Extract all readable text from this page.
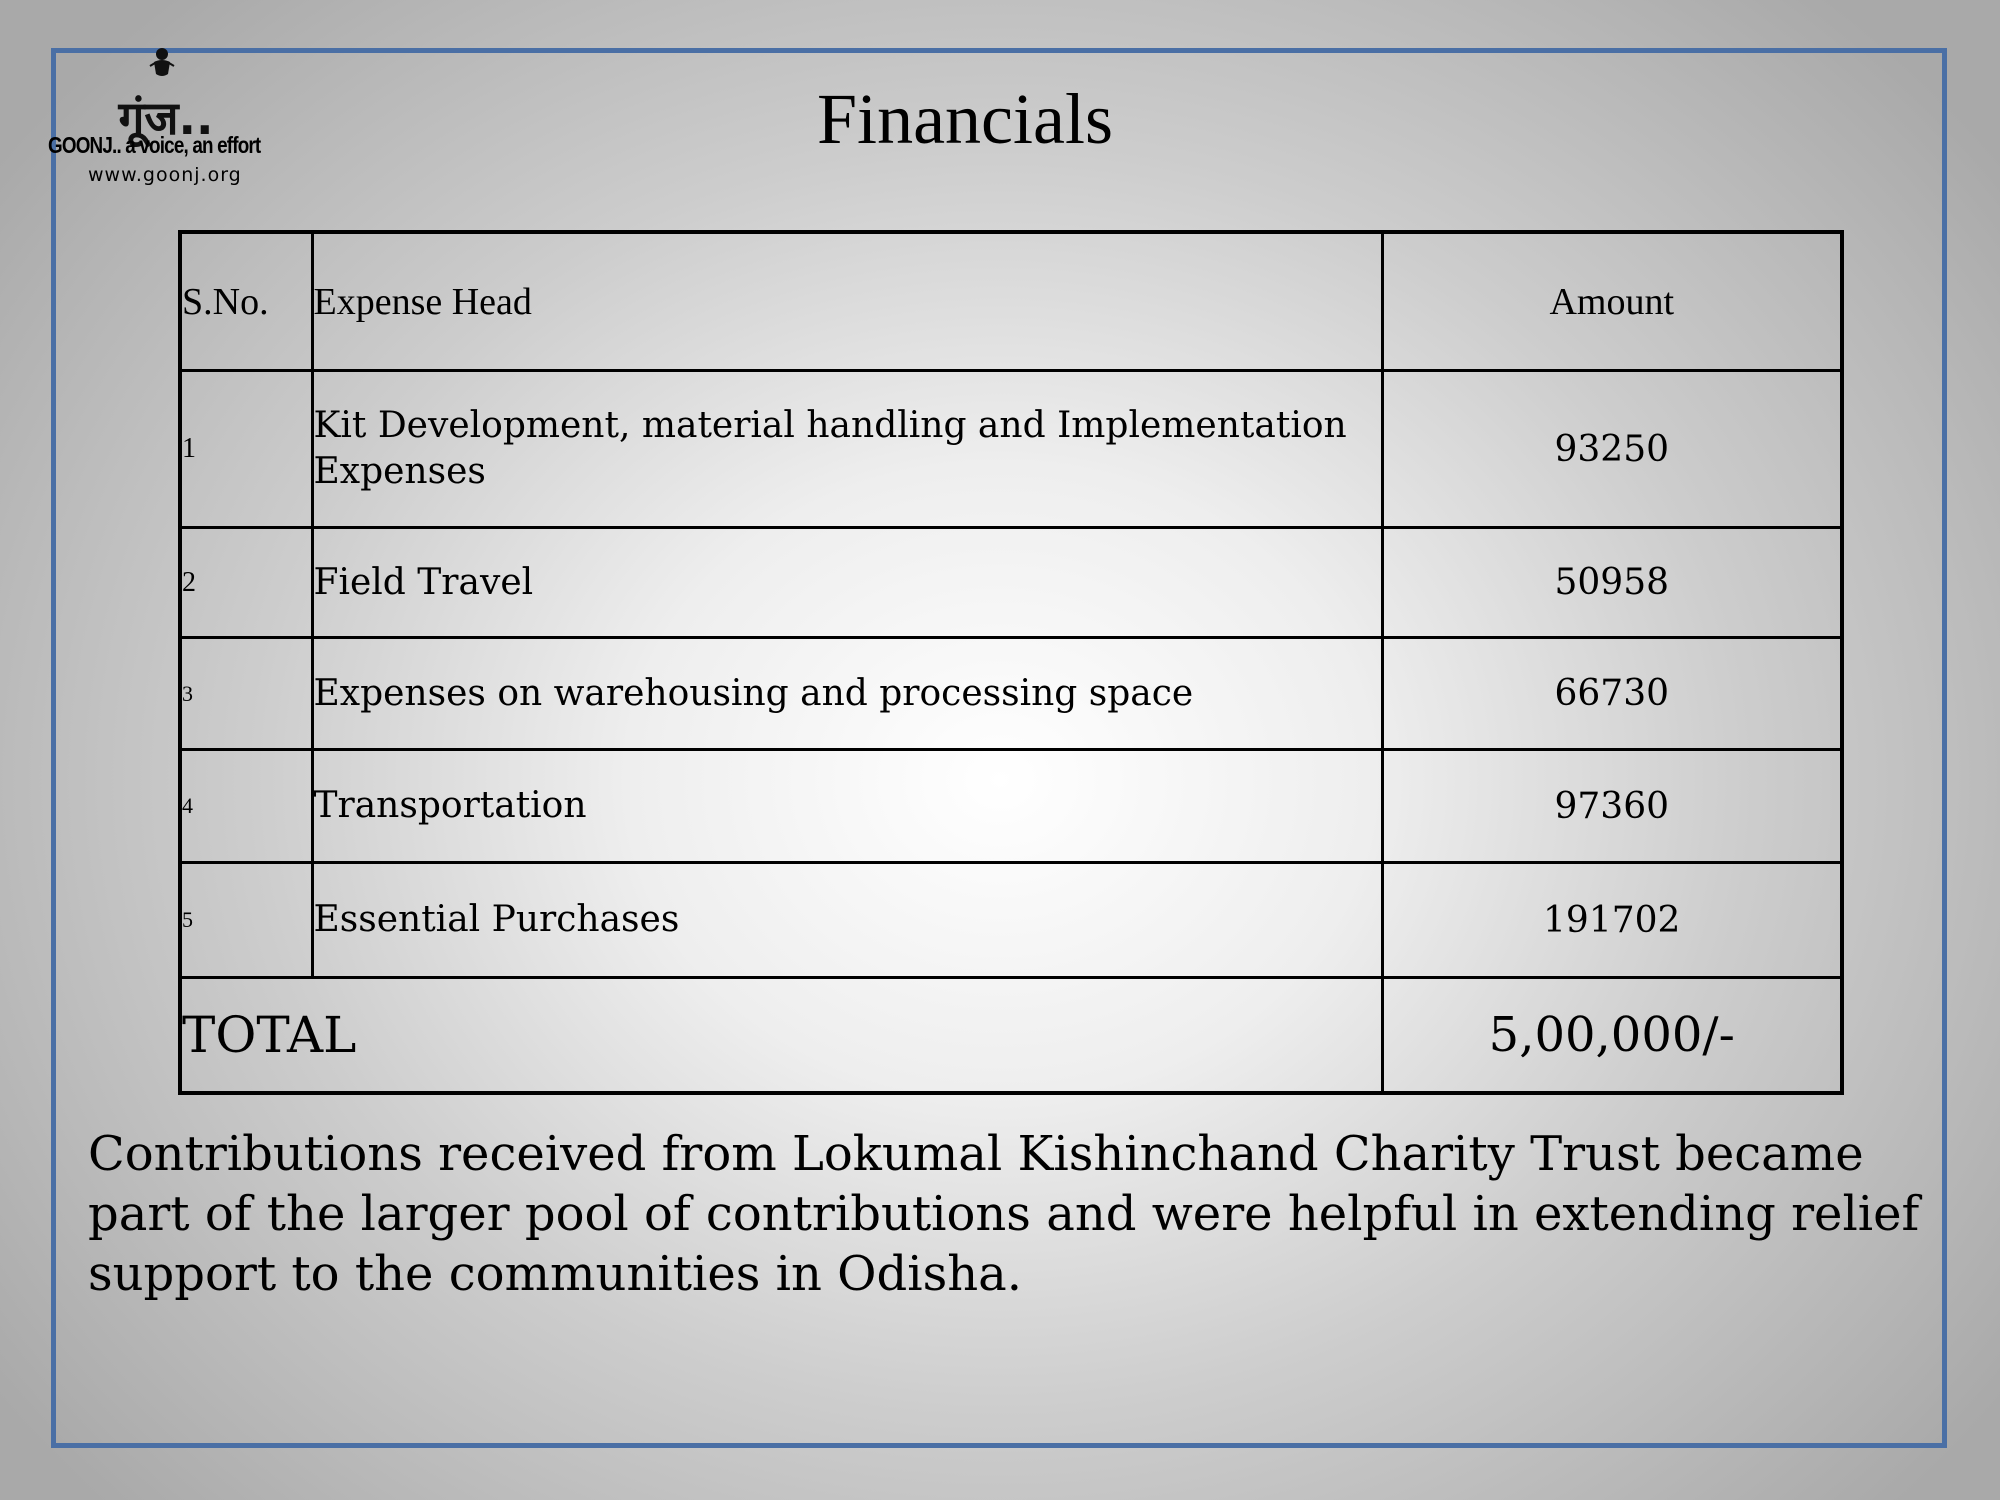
गूंज..
GOONJ.. a voice, an effort
www.goonj.org
Financials
S.No.	Expense Head	Amount
1	Kit Development, material handling and Implementation Expenses	93250
2	Field Travel	50958
3	Expenses on warehousing and processing space	66730
4	Transportation	97360
5	Essential Purchases	191702
TOTAL		5,00,000/-
Contributions received from Lokumal Kishinchand Charity Trust became part of the larger pool of contributions and were helpful in extending relief support to the communities in Odisha.
